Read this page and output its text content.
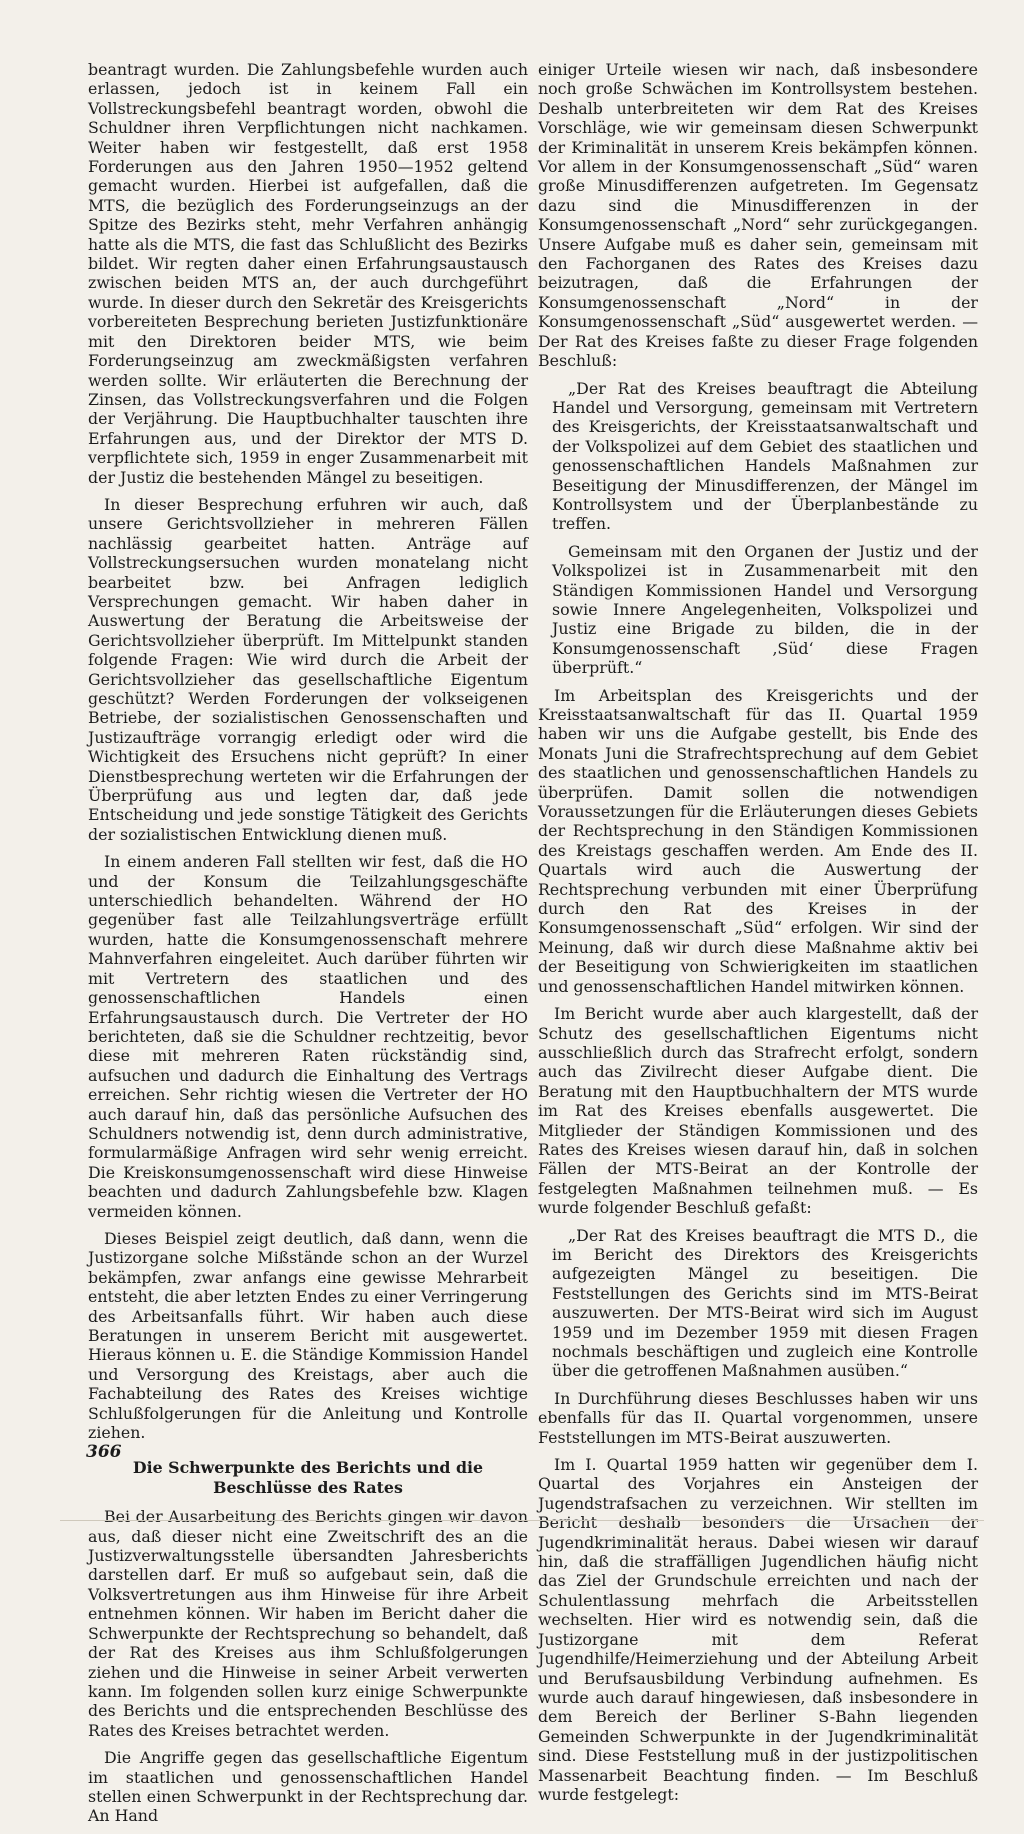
beantragt wurden. Die Zahlungsbefehle wurden auch erlassen, jedoch ist in keinem Fall ein Vollstreckungsbefehl beantragt worden, obwohl die Schuldner ihren Verpflichtungen nicht nachkamen. Weiter haben wir festgestellt, daß erst 1958 Forderungen aus den Jahren 1950—1952 geltend gemacht wurden. Hierbei ist aufgefallen, daß die MTS, die bezüglich des Forderungseinzugs an der Spitze des Bezirks steht, mehr Verfahren anhängig hatte als die MTS, die fast das Schlußlicht des Bezirks bildet. Wir regten daher einen Erfahrungsaustausch zwischen beiden MTS an, der auch durchgeführt wurde. In dieser durch den Sekretär des Kreisgerichts vorbereiteten Besprechung berieten Justizfunktionäre mit den Direktoren beider MTS, wie beim Forderungseinzug am zweckmäßigsten verfahren werden sollte. Wir erläuterten die Berechnung der Zinsen, das Vollstreckungsverfahren und die Folgen der Verjährung. Die Hauptbuchhalter tauschten ihre Erfahrungen aus, und der Direktor der MTS D. verpflichtete sich, 1959 in enger Zusammenarbeit mit der Justiz die bestehenden Mängel zu beseitigen.

In dieser Besprechung erfuhren wir auch, daß unsere Gerichtsvollzieher in mehreren Fällen nachlässig gearbeitet hatten. Anträge auf Vollstreckungsersuchen wurden monatelang nicht bearbeitet bzw. bei Anfragen lediglich Versprechungen gemacht. Wir haben daher in Auswertung der Beratung die Arbeitsweise der Gerichtsvollzieher überprüft. Im Mittelpunkt standen folgende Fragen: Wie wird durch die Arbeit der Gerichtsvollzieher das gesellschaftliche Eigentum geschützt? Werden Forderungen der volkseigenen Betriebe, der sozialistischen Genossenschaften und Justizaufträge vorrangig erledigt oder wird die Wichtigkeit des Ersuchens nicht geprüft? In einer Dienstbesprechung werteten wir die Erfahrungen der Überprüfung aus und legten dar, daß jede Entscheidung und jede sonstige Tätigkeit des Gerichts der sozialistischen Entwicklung dienen muß.

In einem anderen Fall stellten wir fest, daß die HO und der Konsum die Teilzahlungsgeschäfte unterschiedlich behandelten. Während der HO gegenüber fast alle Teilzahlungsverträge erfüllt wurden, hatte die Konsumgenossenschaft mehrere Mahnverfahren eingeleitet. Auch darüber führten wir mit Vertretern des staatlichen und des genossenschaftlichen Handels einen Erfahrungsaustausch durch. Die Vertreter der HO berichteten, daß sie die Schuldner rechtzeitig, bevor diese mit mehreren Raten rückständig sind, aufsuchen und dadurch die Einhaltung des Vertrags erreichen. Sehr richtig wiesen die Vertreter der HO auch darauf hin, daß das persönliche Aufsuchen des Schuldners notwendig ist, denn durch administrative, formularmäßige Anfragen wird sehr wenig erreicht. Die Kreiskonsumgenossenschaft wird diese Hinweise beachten und dadurch Zahlungsbefehle bzw. Klagen vermeiden können.

Dieses Beispiel zeigt deutlich, daß dann, wenn die Justizorgane solche Mißstände schon an der Wurzel bekämpfen, zwar anfangs eine gewisse Mehrarbeit entsteht, die aber letzten Endes zu einer Verringerung des Arbeitsanfalls führt. Wir haben auch diese Beratungen in unserem Bericht mit ausgewertet. Hieraus können u. E. die Ständige Kommission Handel und Versorgung des Kreistags, aber auch die Fachabteilung des Rates des Kreises wichtige Schlußfolgerungen für die Anleitung und Kontrolle ziehen.

Die Schwerpunkte des Berichts und die Beschlüsse des Rates

Bei der Ausarbeitung des Berichts gingen wir davon aus, daß dieser nicht eine Zweitschrift des an die Justizverwaltungsstelle übersandten Jahresberichts darstellen darf. Er muß so aufgebaut sein, daß die Volksvertretungen aus ihm Hinweise für ihre Arbeit entnehmen können. Wir haben im Bericht daher die Schwerpunkte der Rechtsprechung so behandelt, daß der Rat des Kreises aus ihm Schlußfolgerungen ziehen und die Hinweise in seiner Arbeit verwerten kann. Im folgenden sollen kurz einige Schwerpunkte des Berichts und die entsprechenden Beschlüsse des Rates des Kreises betrachtet werden.

Die Angriffe gegen das gesellschaftliche Eigentum im staatlichen und genossenschaftlichen Handel stellen einen Schwerpunkt in der Rechtsprechung dar. An Hand

einiger Urteile wiesen wir nach, daß insbesondere noch große Schwächen im Kontrollsystem bestehen. Deshalb unterbreiteten wir dem Rat des Kreises Vorschläge, wie wir gemeinsam diesen Schwerpunkt der Kriminalität in unserem Kreis bekämpfen können. Vor allem in der Konsumgenossenschaft „Süd“ waren große Minusdifferenzen aufgetreten. Im Gegensatz dazu sind die Minusdifferenzen in der Konsumgenossenschaft „Nord“ sehr zurückgegangen. Unsere Aufgabe muß es daher sein, gemeinsam mit den Fachorganen des Rates des Kreises dazu beizutragen, daß die Erfahrungen der Konsumgenossenschaft „Nord“ in der Konsumgenossenschaft „Süd“ ausgewertet werden. — Der Rat des Kreises faßte zu dieser Frage folgenden Beschluß:

„Der Rat des Kreises beauftragt die Abteilung Handel und Versorgung, gemeinsam mit Vertretern des Kreisgerichts, der Kreisstaatsanwaltschaft und der Volkspolizei auf dem Gebiet des staatlichen und genossenschaftlichen Handels Maßnahmen zur Beseitigung der Minusdifferenzen, der Mängel im Kontrollsystem und der Überplanbestände zu treffen.

Gemeinsam mit den Organen der Justiz und der Volkspolizei ist in Zusammenarbeit mit den Ständigen Kommissionen Handel und Versorgung sowie Innere Angelegenheiten, Volkspolizei und Justiz eine Brigade zu bilden, die in der Konsumgenossenschaft ‚Süd‘ diese Fragen überprüft.“

Im Arbeitsplan des Kreisgerichts und der Kreisstaatsanwaltschaft für das II. Quartal 1959 haben wir uns die Aufgabe gestellt, bis Ende des Monats Juni die Strafrechtsprechung auf dem Gebiet des staatlichen und genossenschaftlichen Handels zu überprüfen. Damit sollen die notwendigen Voraussetzungen für die Erläuterungen dieses Gebiets der Rechtsprechung in den Ständigen Kommissionen des Kreistags geschaffen werden. Am Ende des II. Quartals wird auch die Auswertung der Rechtsprechung verbunden mit einer Überprüfung durch den Rat des Kreises in der Konsumgenossenschaft „Süd“ erfolgen. Wir sind der Meinung, daß wir durch diese Maßnahme aktiv bei der Beseitigung von Schwierigkeiten im staatlichen und genossenschaftlichen Handel mitwirken können.

Im Bericht wurde aber auch klargestellt, daß der Schutz des gesellschaftlichen Eigentums nicht ausschließlich durch das Strafrecht erfolgt, sondern auch das Zivilrecht dieser Aufgabe dient. Die Beratung mit den Hauptbuchhaltern der MTS wurde im Rat des Kreises ebenfalls ausgewertet. Die Mitglieder der Ständigen Kommissionen und des Rates des Kreises wiesen darauf hin, daß in solchen Fällen der MTS-Beirat an der Kontrolle der festgelegten Maßnahmen teilnehmen muß. — Es wurde folgender Beschluß gefaßt:

„Der Rat des Kreises beauftragt die MTS D., die im Bericht des Direktors des Kreisgerichts aufgezeigten Mängel zu beseitigen. Die Feststellungen des Gerichts sind im MTS-Beirat auszuwerten. Der MTS-Beirat wird sich im August 1959 und im Dezember 1959 mit diesen Fragen nochmals beschäftigen und zugleich eine Kontrolle über die getroffenen Maßnahmen ausüben.“

In Durchführung dieses Beschlusses haben wir uns ebenfalls für das II. Quartal vorgenommen, unsere Feststellungen im MTS-Beirat auszuwerten.

Im I. Quartal 1959 hatten wir gegenüber dem I. Quartal des Vorjahres ein Ansteigen der Jugendstrafsachen zu verzeichnen. Wir stellten im Bericht deshalb besonders die Ursachen der Jugendkriminalität heraus. Dabei wiesen wir darauf hin, daß die straffälligen Jugendlichen häufig nicht das Ziel der Grundschule erreichten und nach der Schulentlassung mehrfach die Arbeitsstellen wechselten. Hier wird es notwendig sein, daß die Justizorgane mit dem Referat Jugendhilfe/Heimerziehung und der Abteilung Arbeit und Berufsausbildung Verbindung aufnehmen. Es wurde auch darauf hingewiesen, daß insbesondere in dem Bereich der Berliner S-Bahn liegenden Gemeinden Schwerpunkte in der Jugendkriminalität sind. Diese Feststellung muß in der justizpolitischen Massenarbeit Beachtung finden. — Im Beschluß wurde festgelegt:

366
